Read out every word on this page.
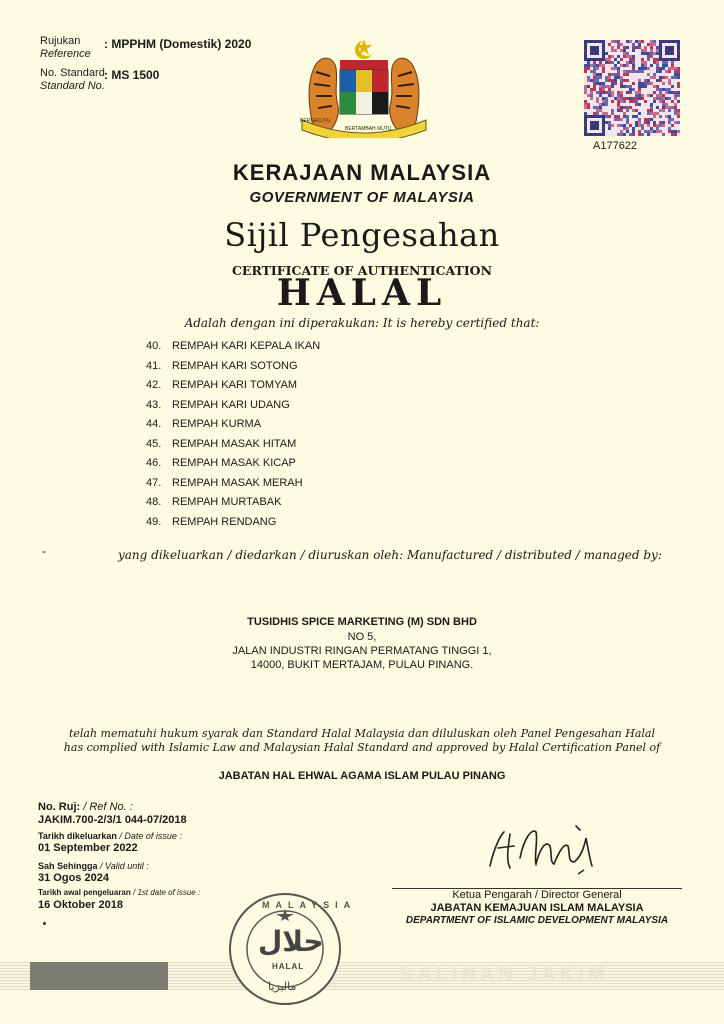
Rujukan
Reference
: MPPHM (Domestik) 2020
No. Standard
Standard No.
: MS 1500
BERSEKUTU
BERTAMBAH MUTU
A177622
KERAJAAN MALAYSIA
GOVERNMENT OF MALAYSIA
Sijil Pengesahan
CERTIFICATE OF AUTHENTICATION
HALAL
Adalah dengan ini diperakukan: It is hereby certified that:
40. REMPAH KARI KEPALA IKAN
41. REMPAH KARI SOTONG
42. REMPAH KARI TOMYAM
43. REMPAH KARI UDANG
44. REMPAH KURMA
45. REMPAH MASAK HITAM
46. REMPAH MASAK KICAP
47. REMPAH MASAK MERAH
48. REMPAH MURTABAK
49. REMPAH RENDANG
-	yang dikeluarkan / diedarkan / diuruskan oleh: Manufactured / distributed / managed by:
TUSIDHIS SPICE MARKETING (M) SDN BHD
NO 5,
JALAN INDUSTRI RINGAN PERMATANG TINGGI 1,
14000, BUKIT MERTAJAM, PULAU PINANG.
telah mematuhi hukum syarak dan Standard Halal Malaysia dan diluluskan oleh Panel Pengesahan Halal
has complied with Islamic Law and Malaysian Halal Standard and approved by Halal Certification Panel of
JABATAN HAL EHWAL AGAMA ISLAM PULAU PINANG
No. Ruj: / Ref No. :
JAKIM.700-2/3/1 044-07/2018
Tarikh dikeluarkan / Date of issue :
01 September 2022
Sah Sehingga / Valid until :
31 Ogos 2024
Tarikh awal pengeluaran / 1st date of issue :
16 Oktober 2018
SALINAN JAKIM
MALAYSIA
حلال
HALAL
ماليزيا
Ketua Pengarah / Director General
JABATAN KEMAJUAN ISLAM MALAYSIA
DEPARTMENT OF ISLAMIC DEVELOPMENT MALAYSIA
